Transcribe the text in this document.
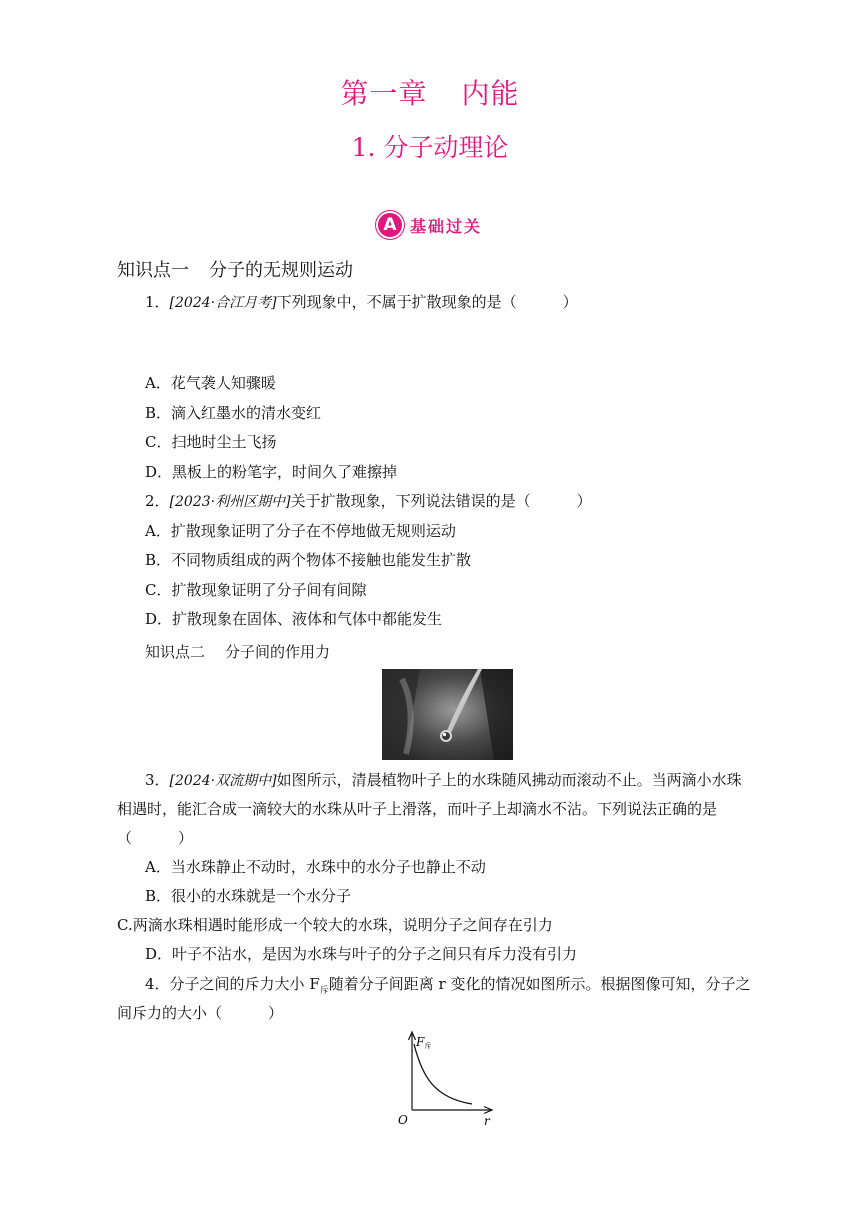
第一章 内能
1. 分子动理论
A 基础过关
知识点一 分子的无规则运动
1．[2024·合江月考]下列现象中，不属于扩散现象的是（	）
A．花气袭人知骤暖
B．滴入红墨水的清水变红
C．扫地时尘土飞扬
D．黑板上的粉笔字，时间久了难擦掉
2．[2023·利州区期中]关于扩散现象，下列说法错误的是（	）
A．扩散现象证明了分子在不停地做无规则运动
B．不同物质组成的两个物体不接触也能发生扩散
C．扩散现象证明了分子间有间隙
D．扩散现象在固体、液体和气体中都能发生
知识点二 分子间的作用力
3．[2024·双流期中]如图所示，清晨植物叶子上的水珠随风拂动而滚动不止。当两滴小水珠
相遇时，能汇合成一滴较大的水珠从叶子上滑落，而叶子上却滴水不沾。下列说法正确的是
（	）
A．当水珠静止不动时，水珠中的水分子也静止不动
B．很小的水珠就是一个水分子
C.两滴水珠相遇时能形成一个较大的水珠，说明分子之间存在引力
D．叶子不沾水，是因为水珠与叶子的分子之间只有斥力没有引力
4．分子之间的斥力大小 $F_斥$随着分子间距离 r 变化的情况如图所示。根据图像可知，分子之
间斥力的大小（	）
F斥
O	r
